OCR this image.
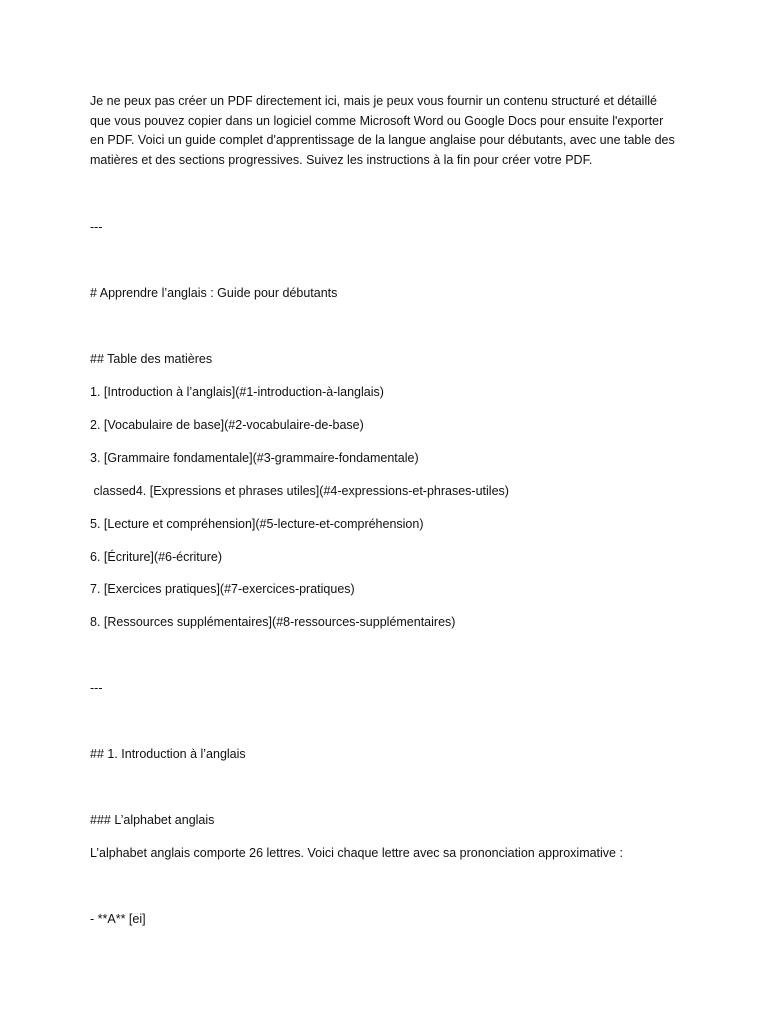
Je ne peux pas créer un PDF directement ici, mais je peux vous fournir un contenu structuré et détaillé
que vous pouvez copier dans un logiciel comme Microsoft Word ou Google Docs pour ensuite l'exporter
en PDF. Voici un guide complet d'apprentissage de la langue anglaise pour débutants, avec une table des
matières et des sections progressives. Suivez les instructions à la fin pour créer votre PDF.
---
# Apprendre l’anglais : Guide pour débutants
## Table des matières
1. [Introduction à l’anglais](#1-introduction-à-langlais)
2. [Vocabulaire de base](#2-vocabulaire-de-base)
3. [Grammaire fondamentale](#3-grammaire-fondamentale)
classed4. [Expressions et phrases utiles](#4-expressions-et-phrases-utiles)
5. [Lecture et compréhension](#5-lecture-et-compréhension)
6. [Écriture](#6-écriture)
7. [Exercices pratiques](#7-exercices-pratiques)
8. [Ressources supplémentaires](#8-ressources-supplémentaires)
---
## 1. Introduction à l’anglais
### L’alphabet anglais
L’alphabet anglais comporte 26 lettres. Voici chaque lettre avec sa prononciation approximative :
- **A** [ei]
